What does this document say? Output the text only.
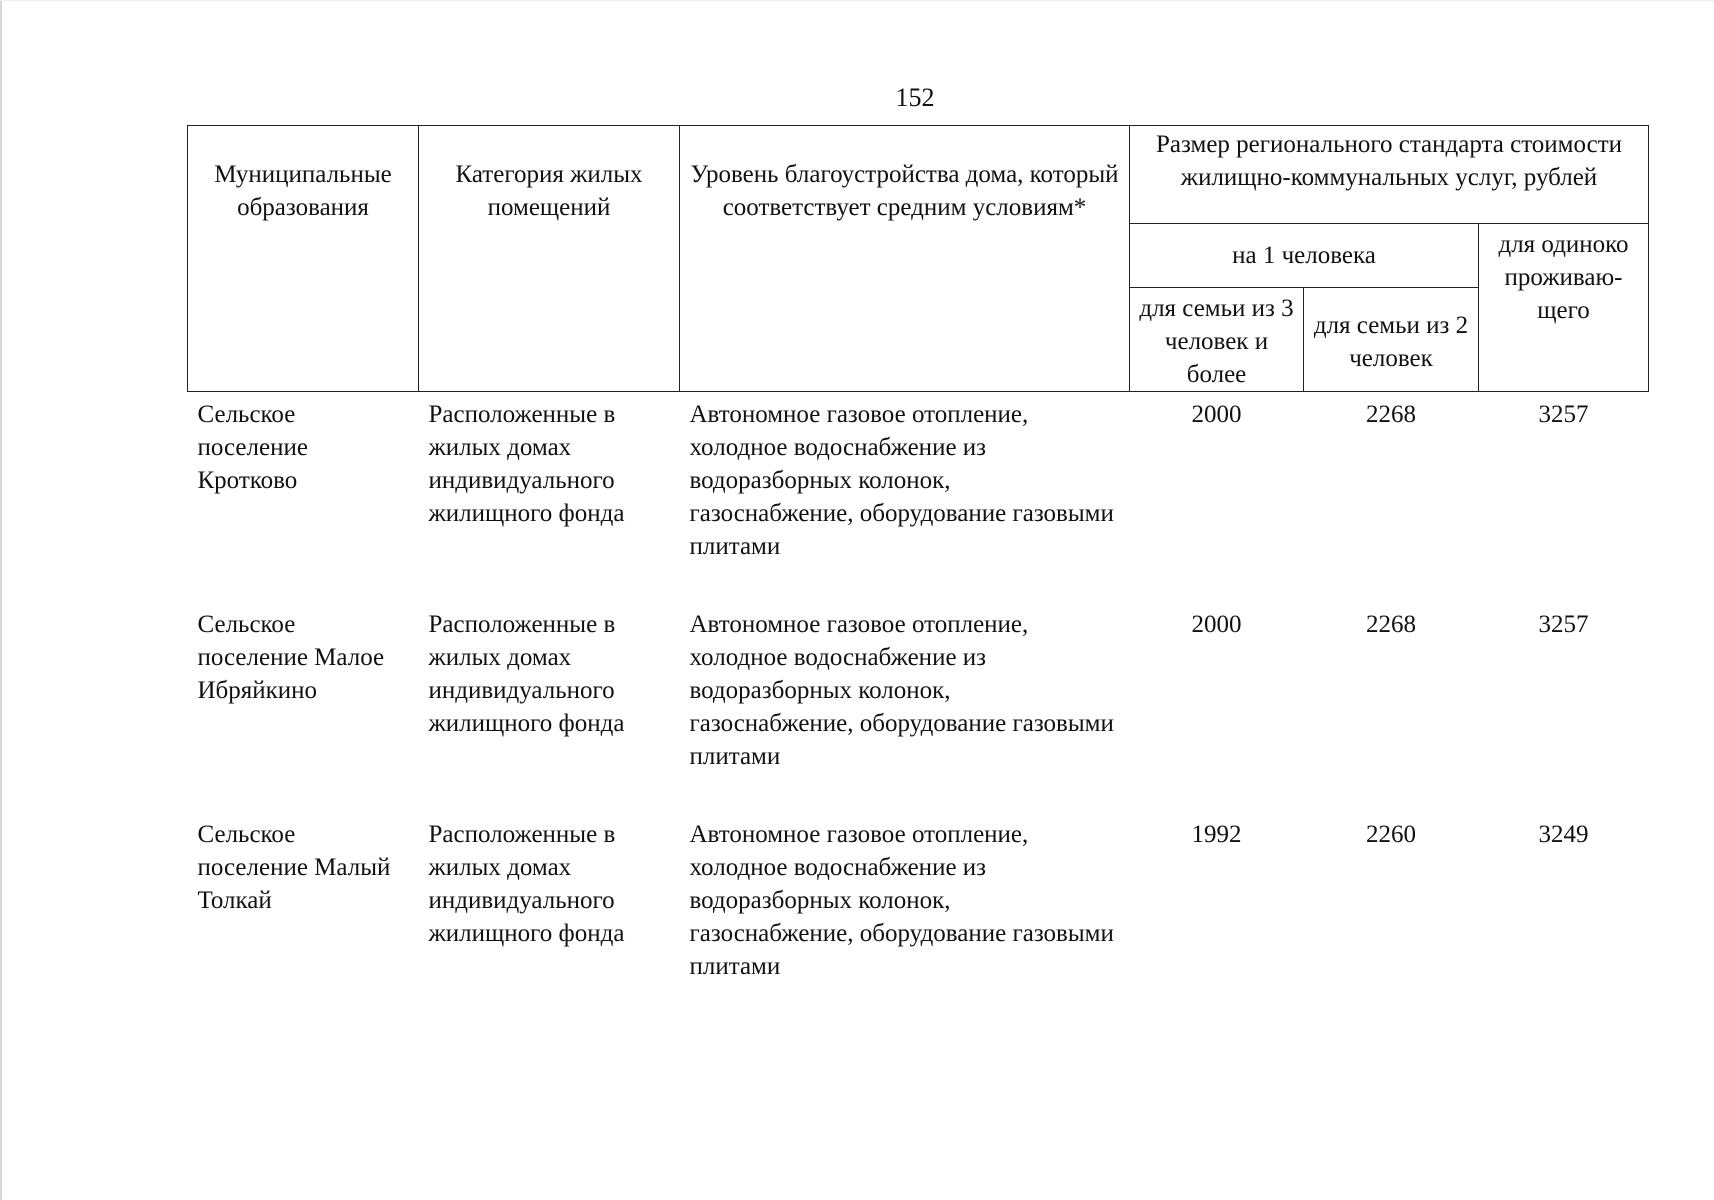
152
Муниципальные образования	Категория жилых помещений	Уровень благоустройства дома, который соответствует средним условиям*	Размер регионального стандарта стоимости жилищно-коммунальных услуг, рублей		
			на 1 человека		для одиноко проживаю-щего
			для семьи из 3 человек и более	для семьи из 2 человек	
Сельское поселение Кротково	Расположенные в жилых домах индивидуального жилищного фонда	Автономное газовое отопление, холодное водоснабжение из водоразборных колонок, газоснабжение, оборудование газовыми плитами	2000	2268	3257
Сельское поселение Малое Ибряйкино	Расположенные в жилых домах индивидуального жилищного фонда	Автономное газовое отопление, холодное водоснабжение из водоразборных колонок, газоснабжение, оборудование газовыми плитами	2000	2268	3257
Сельское поселение Малый Толкай	Расположенные в жилых домах индивидуального жилищного фонда	Автономное газовое отопление, холодное водоснабжение из водоразборных колонок, газоснабжение, оборудование газовыми плитами	1992	2260	3249
